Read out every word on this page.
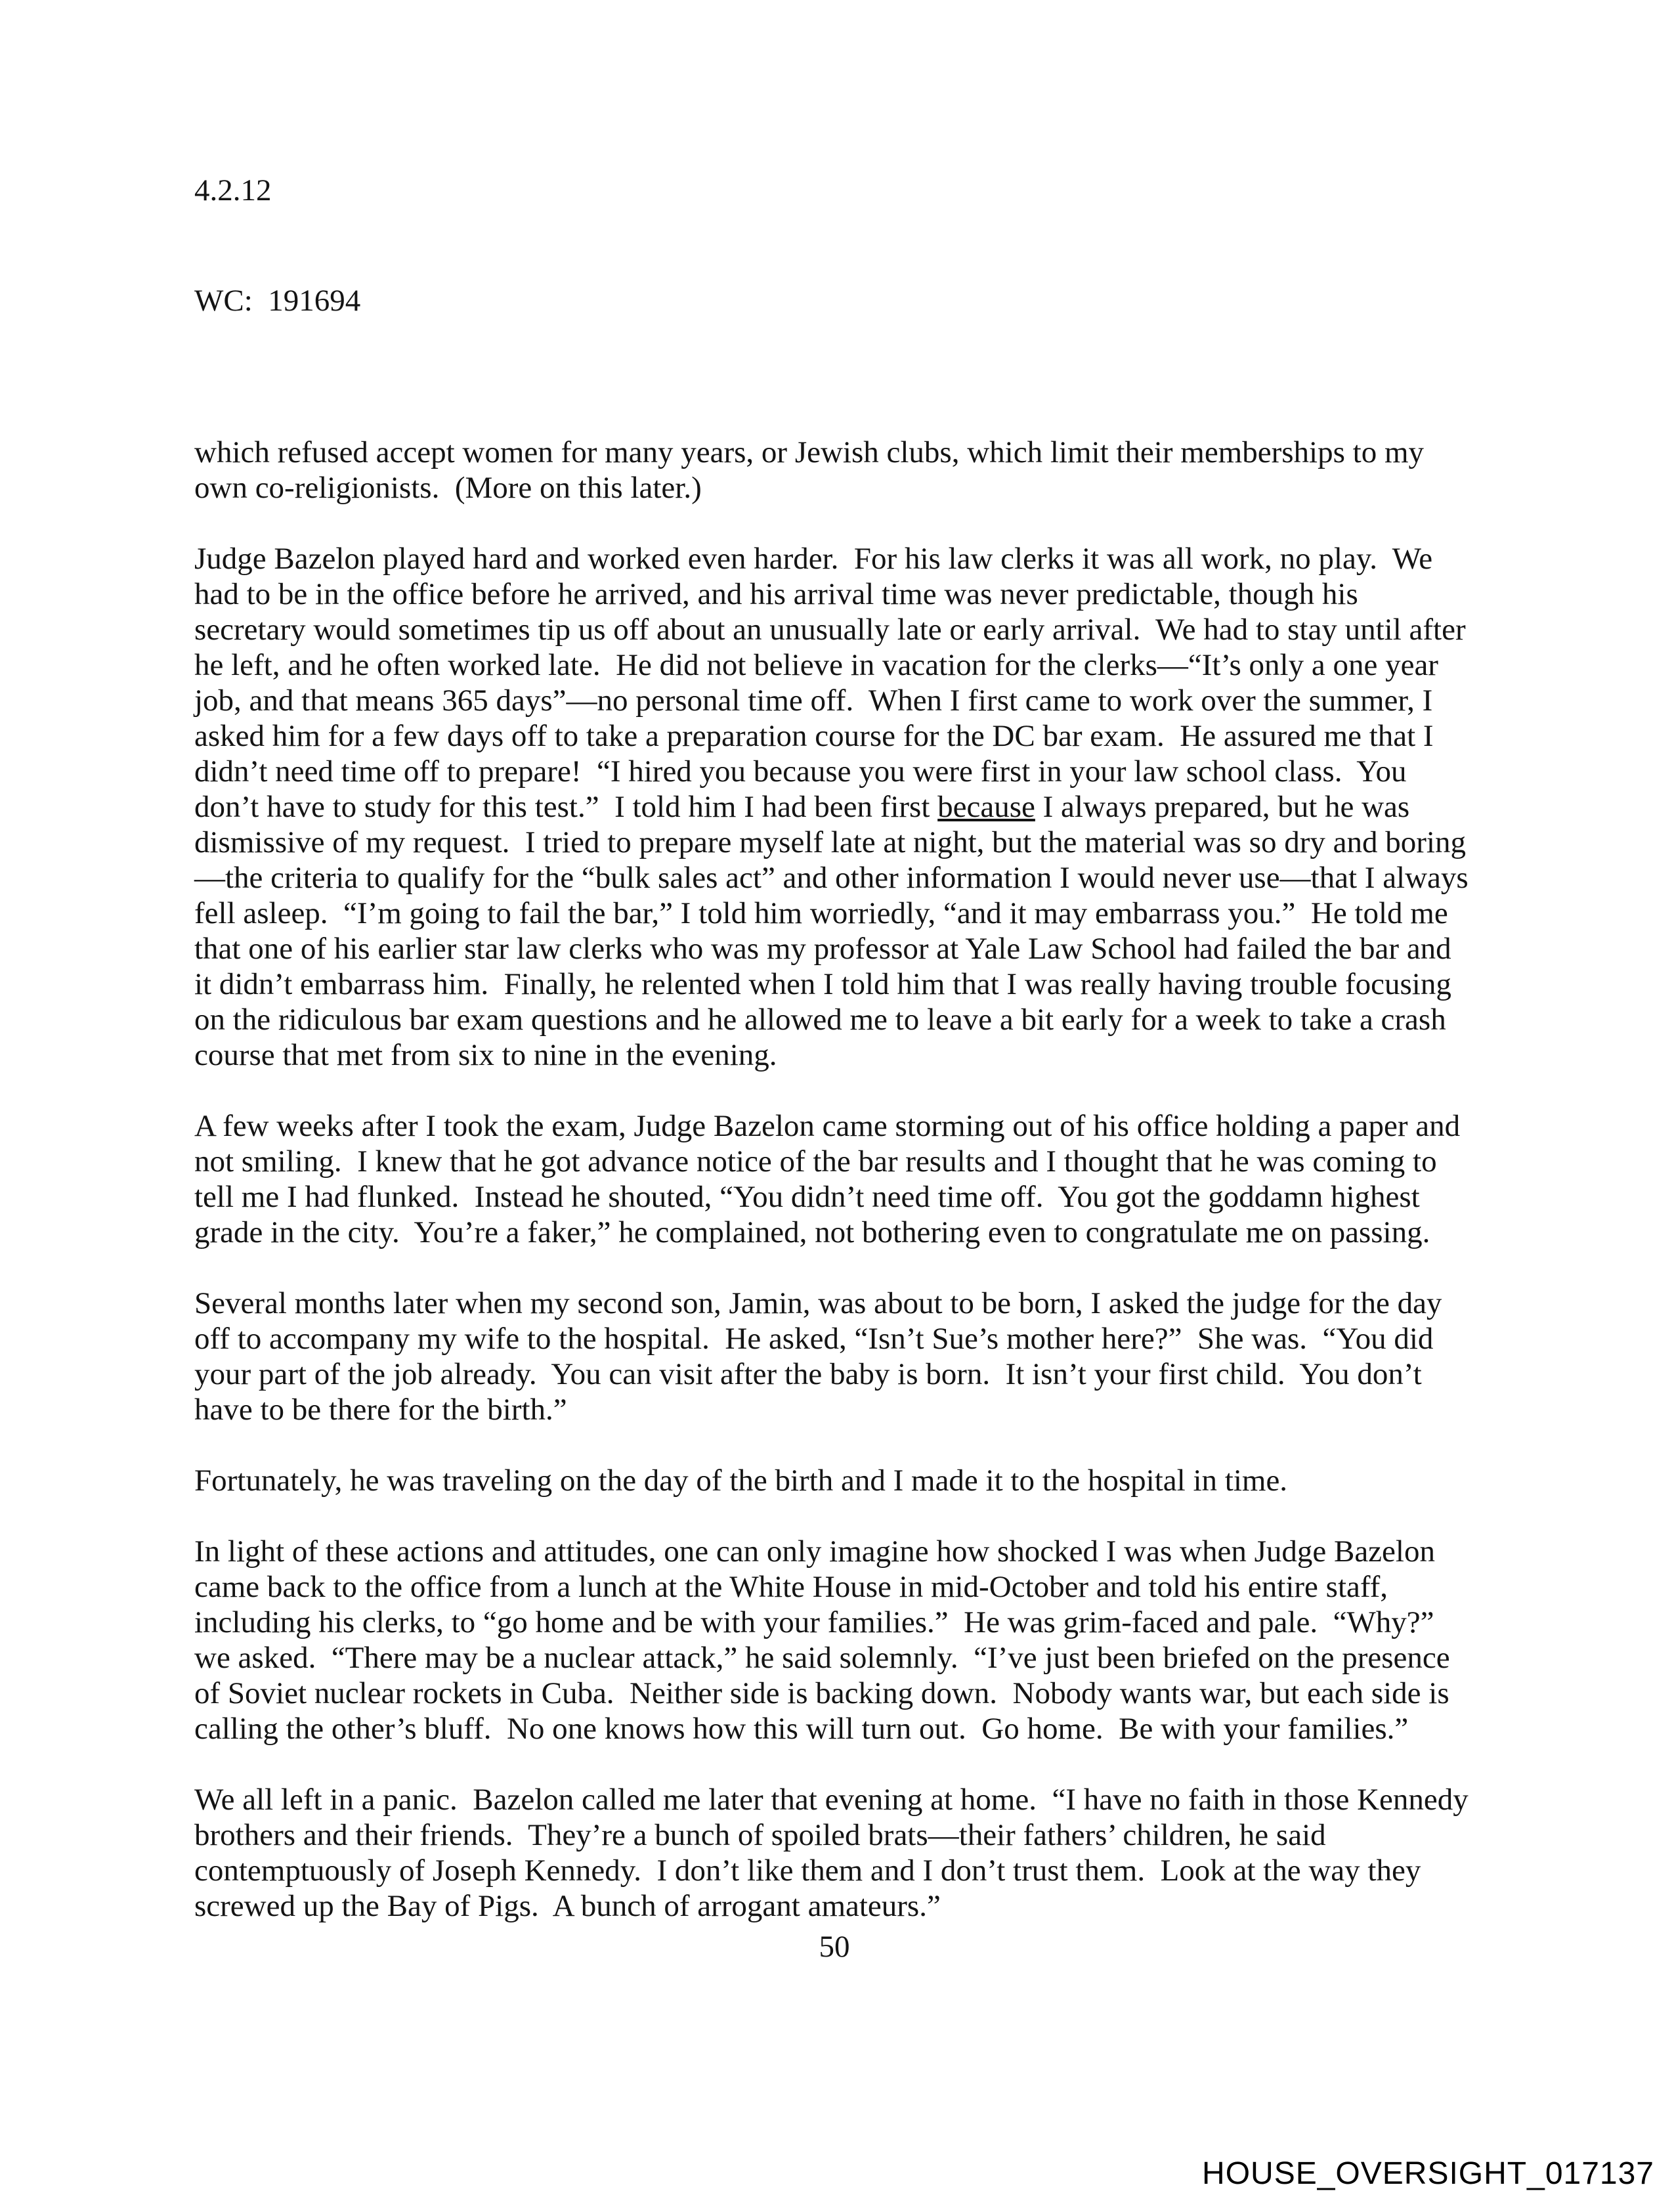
4.2.12

WC:  191694

which refused accept women for many years, or Jewish clubs, which limit their memberships to my own co-religionists.  (More on this later.)

Judge Bazelon played hard and worked even harder.  For his law clerks it was all work, no play.  We had to be in the office before he arrived, and his arrival time was never predictable, though his secretary would sometimes tip us off about an unusually late or early arrival.  We had to stay until after he left, and he often worked late.  He did not believe in vacation for the clerks—“It’s only a one year job, and that means 365 days”—no personal time off.  When I first came to work over the summer, I asked him for a few days off to take a preparation course for the DC bar exam.  He assured me that I didn’t need time off to prepare!  “I hired you because you were first in your law school class.  You don’t have to study for this test.”  I told him I had been first because I always prepared, but he was dismissive of my request.  I tried to prepare myself late at night, but the material was so dry and boring—the criteria to qualify for the “bulk sales act” and other information I would never use—that I always fell asleep.  “I’m going to fail the bar,” I told him worriedly, “and it may embarrass you.”  He told me that one of his earlier star law clerks who was my professor at Yale Law School had failed the bar and it didn’t embarrass him.  Finally, he relented when I told him that I was really having trouble focusing on the ridiculous bar exam questions and he allowed me to leave a bit early for a week to take a crash course that met from six to nine in the evening.

A few weeks after I took the exam, Judge Bazelon came storming out of his office holding a paper and not smiling.  I knew that he got advance notice of the bar results and I thought that he was coming to tell me I had flunked.  Instead he shouted, “You didn’t need time off.  You got the goddamn highest grade in the city.  You’re a faker,” he complained, not bothering even to congratulate me on passing.

Several months later when my second son, Jamin, was about to be born, I asked the judge for the day off to accompany my wife to the hospital.  He asked, “Isn’t Sue’s mother here?”  She was.  “You did your part of the job already.  You can visit after the baby is born.  It isn’t your first child.  You don’t have to be there for the birth.”

Fortunately, he was traveling on the day of the birth and I made it to the hospital in time.

In light of these actions and attitudes, one can only imagine how shocked I was when Judge Bazelon came back to the office from a lunch at the White House in mid-October and told his entire staff, including his clerks, to “go home and be with your families.”  He was grim-faced and pale.  “Why?” we asked.  “There may be a nuclear attack,” he said solemnly.  “I’ve just been briefed on the presence of Soviet nuclear rockets in Cuba.  Neither side is backing down.  Nobody wants war, but each side is calling the other’s bluff.  No one knows how this will turn out.  Go home.  Be with your families.”

We all left in a panic.  Bazelon called me later that evening at home.  “I have no faith in those Kennedy brothers and their friends.  They’re a bunch of spoiled brats—their fathers’ children, he said contemptuously of Joseph Kennedy.  I don’t like them and I don’t trust them.  Look at the way they screwed up the Bay of Pigs.  A bunch of arrogant amateurs.”

50
HOUSE_OVERSIGHT_017137
